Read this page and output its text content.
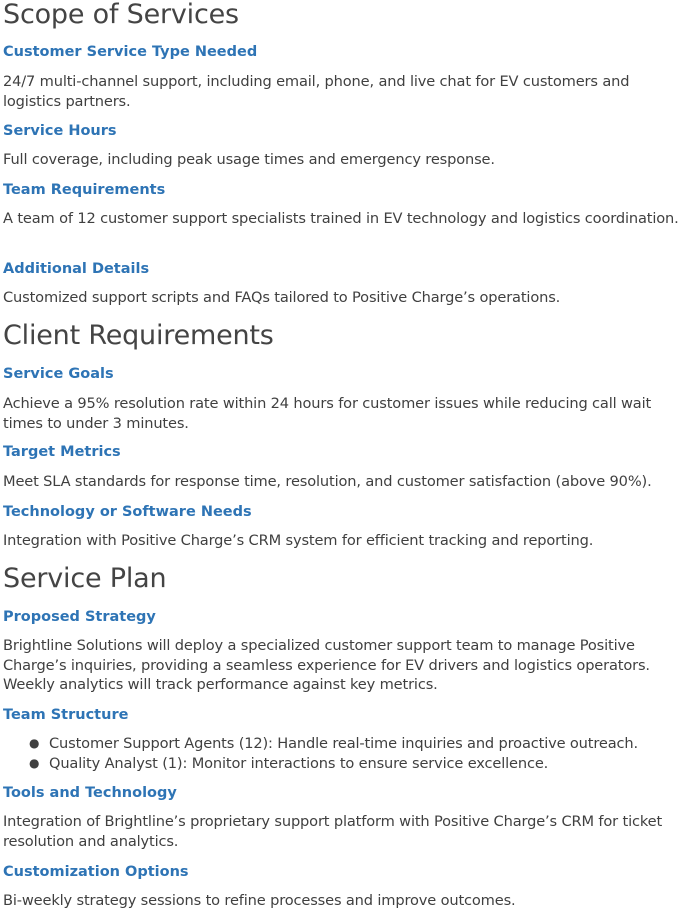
Scope of Services
Customer Service Type Needed

24/7 multi-channel support, including email, phone, and live chat for EV customers and logistics partners.

Service Hours

Full coverage, including peak usage times and emergency response.

Team Requirements

A team of 12 customer support specialists trained in EV technology and logistics coordination.

Additional Details

Customized support scripts and FAQs tailored to Positive Charge’s operations.

Client Requirements
Service Goals

Achieve a 95% resolution rate within 24 hours for customer issues while reducing call wait times to under 3 minutes.

Target Metrics

Meet SLA standards for response time, resolution, and customer satisfaction (above 90%).

Technology or Software Needs

Integration with Positive Charge’s CRM system for efficient tracking and reporting.

Service Plan
Proposed Strategy

Brightline Solutions will deploy a specialized customer support team to manage Positive Charge’s inquiries, providing a seamless experience for EV drivers and logistics operators. Weekly analytics will track performance against key metrics.

Team Structure
● Customer Support Agents (12): Handle real-time inquiries and proactive outreach.
● Quality Analyst (1): Monitor interactions to ensure service excellence.
Tools and Technology

Integration of Brightline’s proprietary support platform with Positive Charge’s CRM for ticket resolution and analytics.

Customization Options

Bi-weekly strategy sessions to refine processes and improve outcomes.
